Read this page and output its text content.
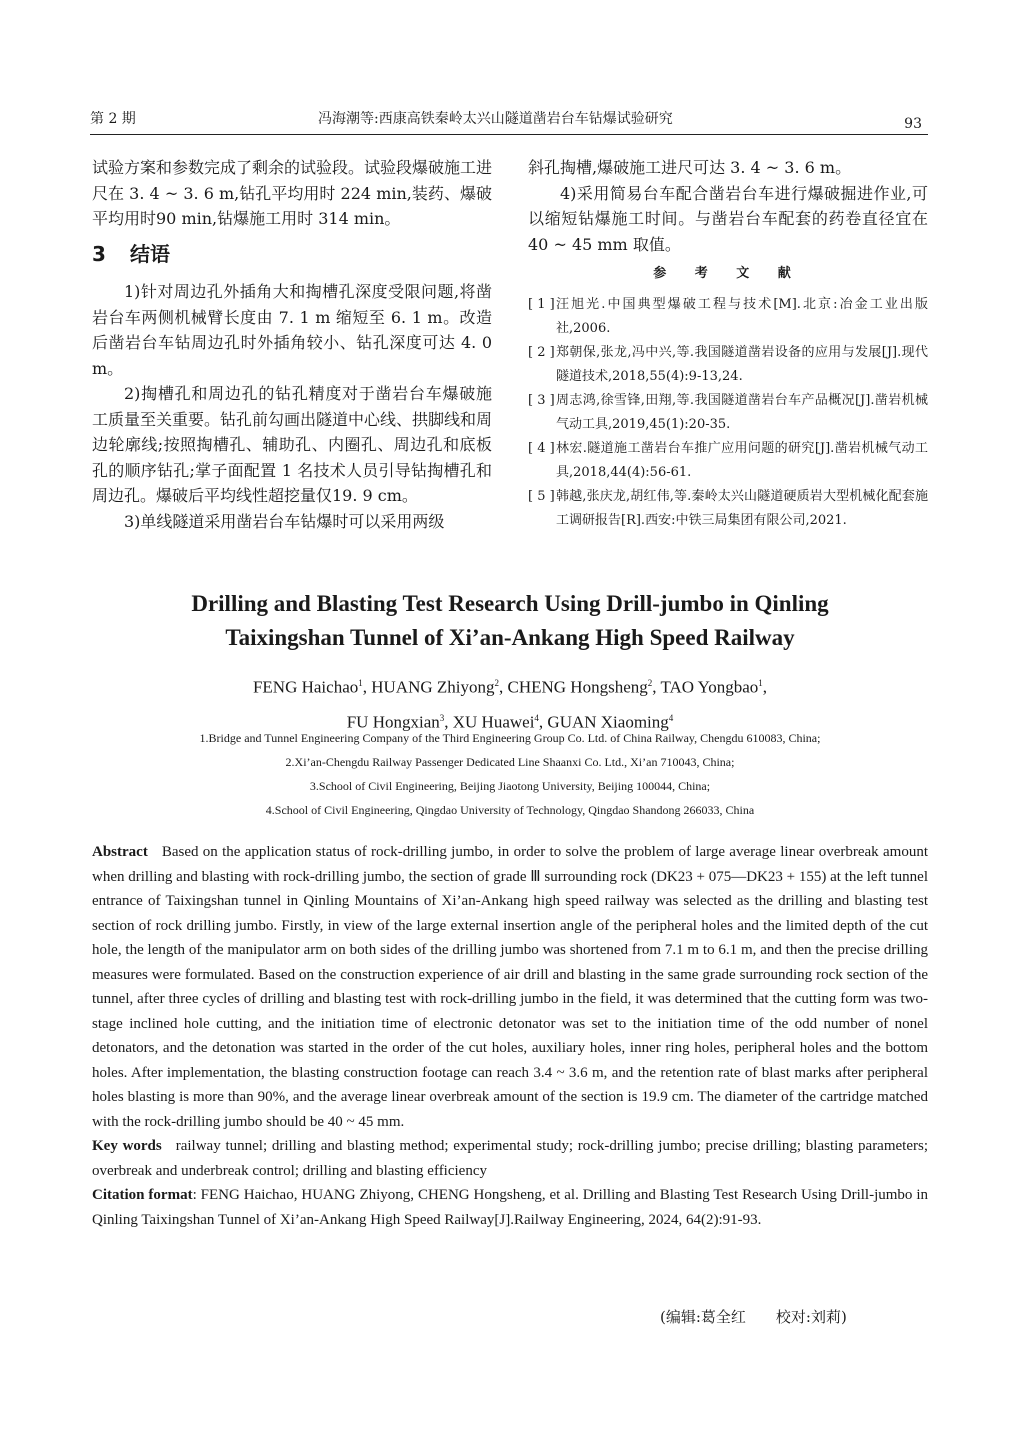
第 2 期	冯海潮等:西康高铁秦岭太兴山隧道凿岩台车钻爆试验研究	93

试验方案和参数完成了剩余的试验段。试验段爆破施工进尺在 3. 4 ~ 3. 6 m,钻孔平均用时 224 min,装药、爆破平均用时90 min,钻爆施工用时 314 min。

3 结语

1)针对周边孔外插角大和掏槽孔深度受限问题,将凿岩台车两侧机械臂长度由 7. 1 m 缩短至 6. 1 m。改造后凿岩台车钻周边孔时外插角较小、钻孔深度可达 4. 0 m。

2)掏槽孔和周边孔的钻孔精度对于凿岩台车爆破施工质量至关重要。钻孔前勾画出隧道中心线、拱脚线和周边轮廓线;按照掏槽孔、辅助孔、内圈孔、周边孔和底板孔的顺序钻孔;掌子面配置 1 名技术人员引导钻掏槽孔和周边孔。爆破后平均线性超挖量仅19. 9 cm。

3)单线隧道采用凿岩台车钻爆时可以采用两级

斜孔掏槽,爆破施工进尺可达 3. 4 ~ 3. 6 m。

4)采用简易台车配合凿岩台车进行爆破掘进作业,可以缩短钻爆施工时间。与凿岩台车配套的药卷直径宜在 40 ~ 45 mm 取值。

参 考 文 献

[ 1 ] 汪旭光.中国典型爆破工程与技术[M].北京:冶金工业出版社,2006.

[ 2 ] 郑朝保,张龙,冯中兴,等.我国隧道凿岩设备的应用与发展[J].现代隧道技术,2018,55(4):9-13,24.

[ 3 ] 周志鸿,徐雪锋,田翔,等.我国隧道凿岩台车产品概况[J].凿岩机械气动工具,2019,45(1):20-35.

[ 4 ] 林宏.隧道施工凿岩台车推广应用问题的研究[J].凿岩机械气动工具,2018,44(4):56-61.

[ 5 ] 韩越,张庆龙,胡红伟,等.秦岭太兴山隧道硬质岩大型机械化配套施工调研报告[R].西安:中铁三局集团有限公司,2021.

Drilling and Blasting Test Research Using Drill-jumbo in Qinling
Taixingshan Tunnel of Xi’an-Ankang High Speed Railway
FENG Haichao$^1$, HUANG Zhiyong$^2$, CHENG Hongsheng$^2$, TAO Yongbao$^1$,
FU Hongxian$^3$, XU Huawei$^4$, GUAN Xiaoming$^4$
1.Bridge and Tunnel Engineering Company of the Third Engineering Group Co. Ltd. of China Railway, Chengdu 610083, China;
2.Xi’an-Chengdu Railway Passenger Dedicated Line Shaanxi Co. Ltd., Xi’an 710043, China;
3.School of Civil Engineering, Beijing Jiaotong University, Beijing 100044, China;
4.School of Civil Engineering, Qingdao University of Technology, Qingdao Shandong 266033, China

Abstract Based on the application status of rock-drilling jumbo, in order to solve the problem of large average linear overbreak amount when drilling and blasting with rock-drilling jumbo, the section of grade Ⅲ surrounding rock (DK23 + 075—DK23 + 155) at the left tunnel entrance of Taixingshan tunnel in Qinling Mountains of Xi’an-Ankang high speed railway was selected as the drilling and blasting test section of rock drilling jumbo. Firstly, in view of the large external insertion angle of the peripheral holes and the limited depth of the cut hole, the length of the manipulator arm on both sides of the drilling jumbo was shortened from 7.1 m to 6.1 m, and then the precise drilling measures were formulated. Based on the construction experience of air drill and blasting in the same grade surrounding rock section of the tunnel, after three cycles of drilling and blasting test with rock-drilling jumbo in the field, it was determined that the cutting form was two-stage inclined hole cutting, and the initiation time of electronic detonator was set to the initiation time of the odd number of nonel detonators, and the detonation was started in the order of the cut holes, auxiliary holes, inner ring holes, peripheral holes and the bottom holes. After implementation, the blasting construction footage can reach 3.4 ~ 3.6 m, and the retention rate of blast marks after peripheral holes blasting is more than 90%, and the average linear overbreak amount of the section is 19.9 cm. The diameter of the cartridge matched with the rock-drilling jumbo should be 40 ~ 45 mm.

Key words railway tunnel; drilling and blasting method; experimental study; rock-drilling jumbo; precise drilling; blasting parameters; overbreak and underbreak control; drilling and blasting efficiency

Citation format: FENG Haichao, HUANG Zhiyong, CHENG Hongsheng, et al. Drilling and Blasting Test Research Using Drill-jumbo in Qinling Taixingshan Tunnel of Xi’an-Ankang High Speed Railway[J].Railway Engineering, 2024, 64(2):91-93.

(编辑:葛全红　　校对:刘莉)
